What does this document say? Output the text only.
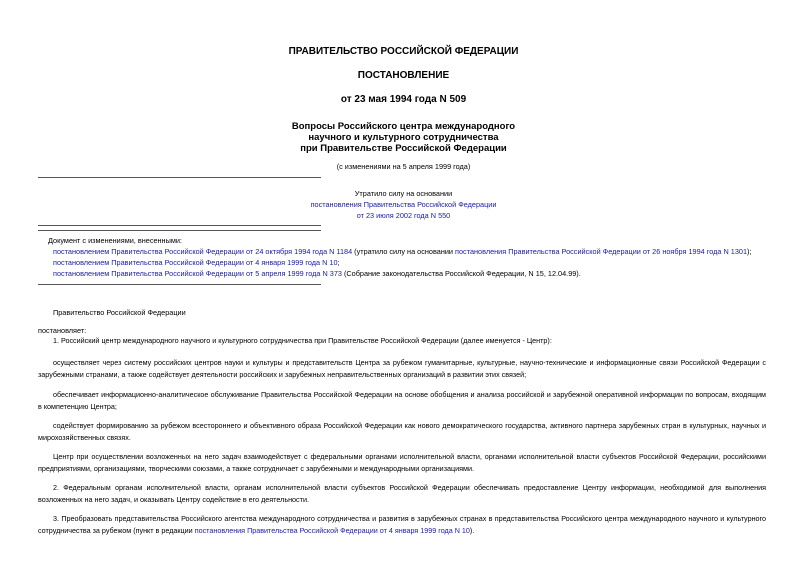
ПРАВИТЕЛЬСТВО РОССИЙСКОЙ ФЕДЕРАЦИИ
ПОСТАНОВЛЕНИЕ
от 23 мая 1994 года N 509
Вопросы Российского центра международного
научного и культурного сотрудничества
при Правительстве Российской Федерации
(с изменениями на 5 апреля 1999 года)
Утратило силу на основании
постановления Правительства Российской Федерации
от 23 июля 2002 года N 550
Документ с изменениями, внесенными:
постановлением Правительства Российской Федерации от 24 октября 1994 года N 1184 (утратило силу на основании постановления Правительства Российской Федерации от 26 ноября 1994 года N 1301);
постановлением Правительства Российской Федерации от 4 января 1999 года N 10;
постановлением Правительства Российской Федерации от 5 апреля 1999 года N 373 (Собрание законодательства Российской Федерации, N 15, 12.04.99).
Правительство Российской Федерации
постановляет:
1. Российский центр международного научного и культурного сотрудничества при Правительстве Российской Федерации (далее именуется - Центр):
осуществляет через систему российских центров науки и культуры и представительств Центра за рубежом гуманитарные, культурные, научно-технические и информационные связи Российской Федерации с зарубежными странами, а также содействует деятельности российских и зарубежных неправительственных организаций в развитии этих связей;
обеспечивает информационно-аналитическое обслуживание Правительства Российской Федерации на основе обобщения и анализа российской и зарубежной оперативной информации по вопросам, входящим в компетенцию Центра;
содействует формированию за рубежом всестороннего и объективного образа Российской Федерации как нового демократического государства, активного партнера зарубежных стран в культурных, научных и мирохозяйственных связях.
Центр при осуществлении возложенных на него задач взаимодействует с федеральными органами исполнительной власти, органами исполнительной власти субъектов Российской Федерации, российскими предприятиями, организациями, творческими союзами, а также сотрудничает с зарубежными и международными организациями.
2. Федеральным органам исполнительной власти, органам исполнительной власти субъектов Российской Федерации обеспечивать предоставление Центру информации, необходимой для выполнения возложенных на него задач, и оказывать Центру содействие в его деятельности.
3. Преобразовать представительства Российского агентства международного сотрудничества и развития в зарубежных странах в представительства Российского центра международного научного и культурного сотрудничества за рубежом (пункт в редакции постановления Правительства Российской Федерации от 4 января 1999 года N 10).
